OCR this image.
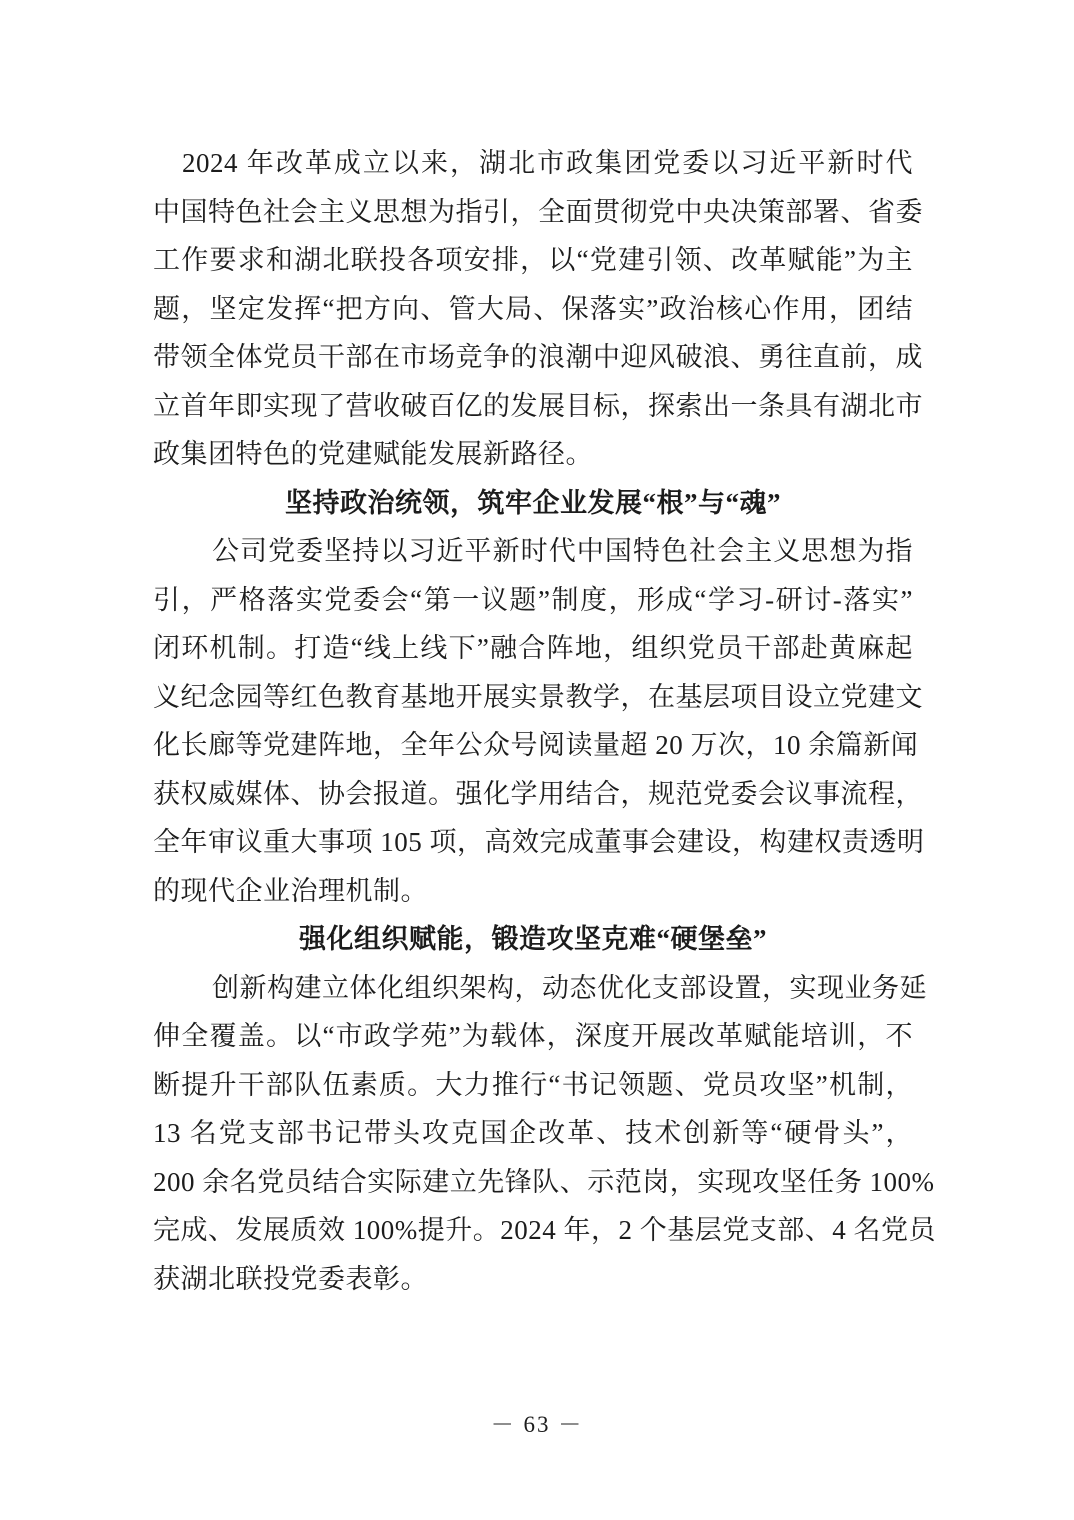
2024 年改革成立以来，湖北市政集团党委以习近平新时代
中国特色社会主义思想为指引，全面贯彻党中央决策部署、省委
工作要求和湖北联投各项安排，以“党建引领、改革赋能”为主
题，坚定发挥“把方向、管大局、保落实”政治核心作用，团结
带领全体党员干部在市场竞争的浪潮中迎风破浪、勇往直前，成
立首年即实现了营收破百亿的发展目标，探索出一条具有湖北市
政集团特色的党建赋能发展新路径。
坚持政治统领，筑牢企业发展“根”与“魂”
公司党委坚持以习近平新时代中国特色社会主义思想为指
引，严格落实党委会“第一议题”制度，形成“学习-研讨-落实”
闭环机制。打造“线上线下”融合阵地，组织党员干部赴黄麻起
义纪念园等红色教育基地开展实景教学，在基层项目设立党建文
化长廊等党建阵地，全年公众号阅读量超 20 万次，10 余篇新闻
获权威媒体、协会报道。强化学用结合，规范党委会议事流程，
全年审议重大事项 105 项，高效完成董事会建设，构建权责透明
的现代企业治理机制。
强化组织赋能，锻造攻坚克难“硬堡垒”
创新构建立体化组织架构，动态优化支部设置，实现业务延
伸全覆盖。以“市政学苑”为载体，深度开展改革赋能培训，不
断提升干部队伍素质。大力推行“书记领题、党员攻坚”机制，
13 名党支部书记带头攻克国企改革、技术创新等“硬骨头”，
200 余名党员结合实际建立先锋队、示范岗，实现攻坚任务 100%
完成、发展质效 100%提升。2024 年，2 个基层党支部、4 名党员
获湖北联投党委表彰。
－ 63 －
